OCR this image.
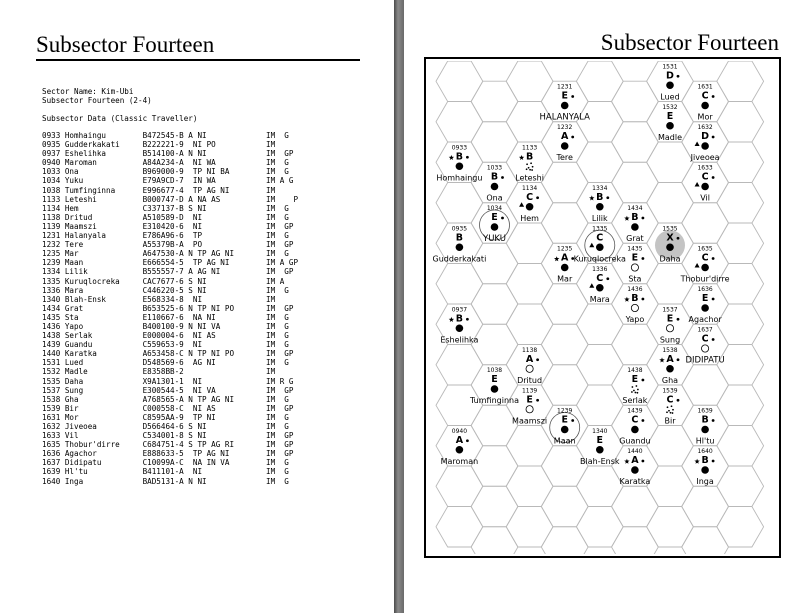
Subsector Fourteen
Sector Name: Kim-Ubi
Subsector Fourteen (2-4)

Subsector Data (Classic Traveller)
0933 Homhaingu        B472545-B A NI             IM  G
0935 Gudderkakati     B222221-9  NI PO           IM
0937 Eshelihka        B514100-A N NI             IM  GP
0940 Maroman          A84A234-A  NI WA           IM  G
1033 Ona              B969000-9  TP NI BA        IM  G
1034 Yuku             E79A9CD-7  IN WA           IM A G
1038 Tumfinginna      E996677-4  TP AG NI        IM
1133 Leteshi          B000747-D A NA AS          IM    P
1134 Hem              C337137-B S NI             IM  G
1138 Dritud           A510589-D  NI              IM  G
1139 Maamszi          E310420-6  NI              IM  GP
1231 Halanyala        E786A96-6  TP              IM  G
1232 Tere             A55379B-A  PO              IM  GP
1235 Mar              A647530-A N TP AG NI       IM  G
1239 Maan             E666554-5  TP AG NI        IM A GP
1334 Lilik            B555557-7 A AG NI          IM  GP
1335 Kuruqlocreka     CAC7677-6 S NI             IM A
1336 Mara             C446220-5 S NI             IM  G
1340 Blah-Ensk        E568334-8  NI              IM
1434 Grat             B653525-6 N TP NI PO       IM  GP
1435 Sta              E110667-6  NA NI           IM  G
1436 Yapo             B400100-9 N NI VA          IM  G
1438 Serlak           E000004-6  NI AS           IM  G
1439 Guandu           C559653-9  NI              IM  G
1440 Karatka          A653458-C N TP NI PO       IM  GP
1531 Lued             D548569-6  AG NI           IM  G
1532 Madle            E8358BB-2                  IM
1535 Daha             X9A1301-1  NI              IM R G
1537 Sung             E300544-5  NI VA           IM  GP
1538 Gha              A768565-A N TP AG NI       IM  G
1539 Bir              C000558-C  NI AS           IM  GP
1631 Mor              C8595AA-9  TP NI           IM  G
1632 Jiveoea          D566464-6 S NI             IM  G
1633 Vil              C534001-8 S NI             IM  GP
1635 Thobur'dirre     C684751-4 S TP AG RI       IM  GP
1636 Agachor          E888633-5  TP AG NI        IM  GP
1637 Didipatu         C10099A-C  NA IN VA        IM  G
1639 Hl'tu            B411101-A  NI              IM  G
1640 Inga             BAD5131-A N NI             IM  G
Subsector Fourteen
0933
B
Homhaingu
0935
B
Gudderkakati
0937
B
Eshelihka
0940
A
Maroman
1033
B
Ona
1034
E
YUKU
1038
E
Tumfinginna
1133
B
Leteshi
1134
C
Hem
1138
A
Dritud
1139
E
Maamszi
1231
E
HALANYALA
1232
A
Tere
1235
A
Mar
1239
E
Maan
1334
B
Lilik
1335
C
Kuruqlocreka
1336
C
Mara
1340
E
Blah-Ensk
1434
B
Grat
1435
E
Sta
1436
B
Yapo
1438
E
Serlak
1439
C
Guandu
1440
A
Karatka
1531
D
Lued
1532
E
Madle
1535
X
Daha
1537
E
Sung
1538
A
Gha
1539
C
Bir
1631
C
Mor
1632
D
Jiveoea
1633
C
Vil
1635
C
Thobur'dirre
1636
E
Agachor
1637
C
DIDIPATU
1639
B
Hl'tu
1640
B
Inga
